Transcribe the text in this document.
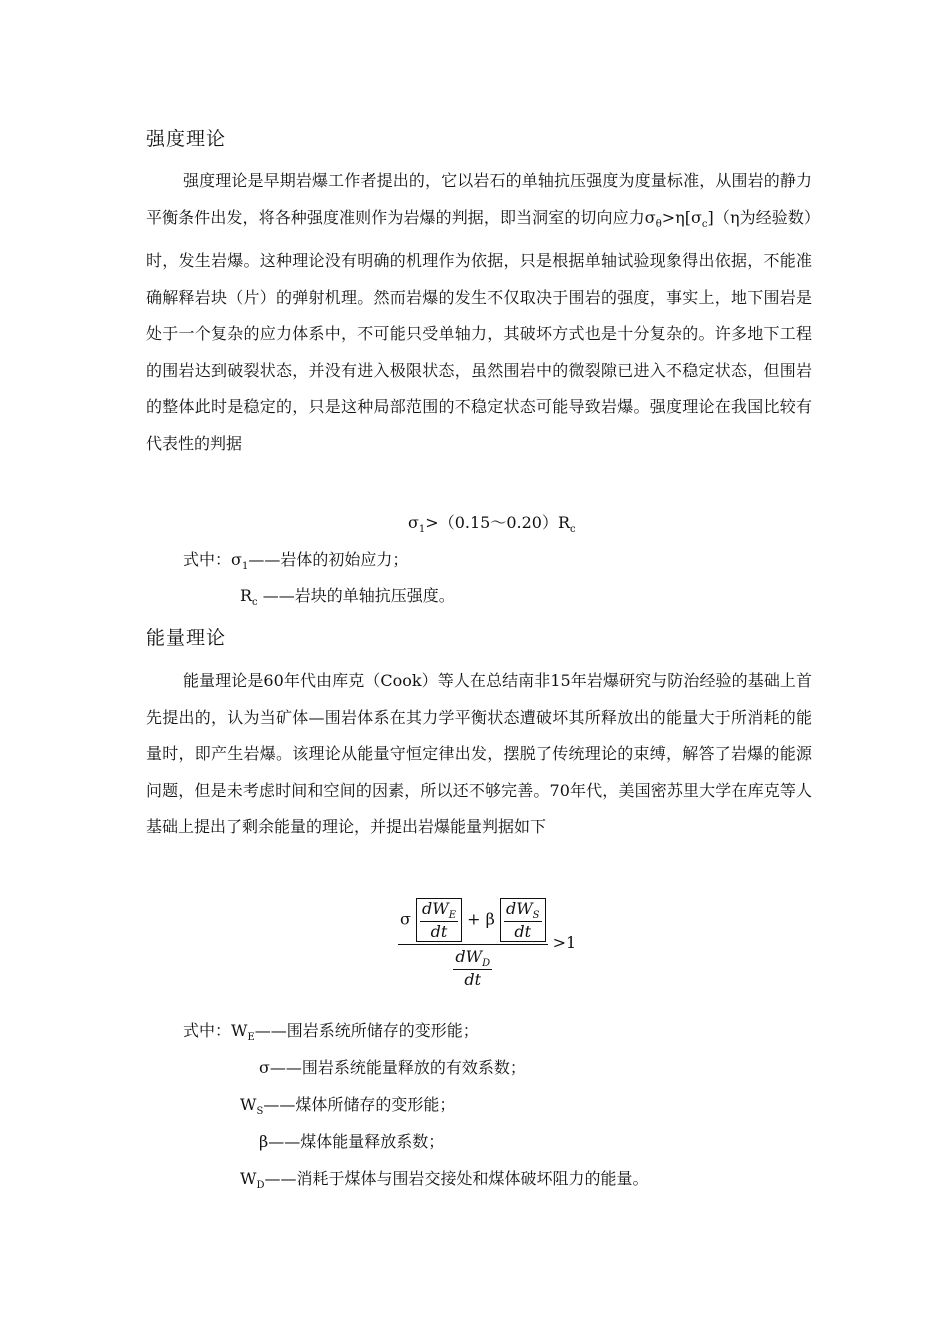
强度理论

强度理论是早期岩爆工作者提出的，它以岩石的单轴抗压强度为度量标准，从围岩的静力平衡条件出发，将各种强度准则作为岩爆的判据，即当洞室的切向应力$\sigma_\theta>\eta[\sigma_c](\eta$为经验数）时，发生岩爆。这种理论没有明确的机理作为依据，只是根据单轴试验现象得出依据，不能准确解释岩块（片）的弹射机理。然而岩爆的发生不仅取决于围岩的强度，事实上，地下围岩是处于一个复杂的应力体系中，不可能只受单轴力，其破坏方式也是十分复杂的。许多地下工程的围岩达到破裂状态，并没有进入极限状态，虽然围岩中的微裂隙已进入不稳定状态，但围岩的整体此时是稳定的，只是这种局部范围的不稳定状态可能导致岩爆。强度理论在我国比较有代表性的判据

$\sigma_1>(0.15\sim 0.20)R_c$
式中：$\sigma_1——$岩体的初始应力；
$R_c$ ——岩块的单轴抗压强度。
能量理论

能量理论是60年代由库克（Cook）等人在总结南非15年岩爆研究与防治经验的基础上首先提出的，认为当矿体—围岩体系在其力学平衡状态遭破坏其所释放出的能量大于所消耗的能量时，即产生岩爆。该理论从能量守恒定律出发，摆脱了传统理论的束缚，解答了岩爆的能源问题，但是未考虑时间和空间的因素，所以还不够完善。70年代，美国密苏里大学在库克等人基础上提出了剩余能量的理论，并提出岩爆能量判据如下

σ $\frac{dW_E}{dt} + \beta \frac{dW_S}{dt}$
$\frac{dW_D}{dt}$
>1
式中：$W_E——$围岩系统所储存的变形能；
σ——围岩系统能量释放的有效系数；
$W_S——$煤体所储存的变形能；
β——煤体能量释放系数；
$W_D——$消耗于煤体与围岩交接处和煤体破坏阻力的能量。
